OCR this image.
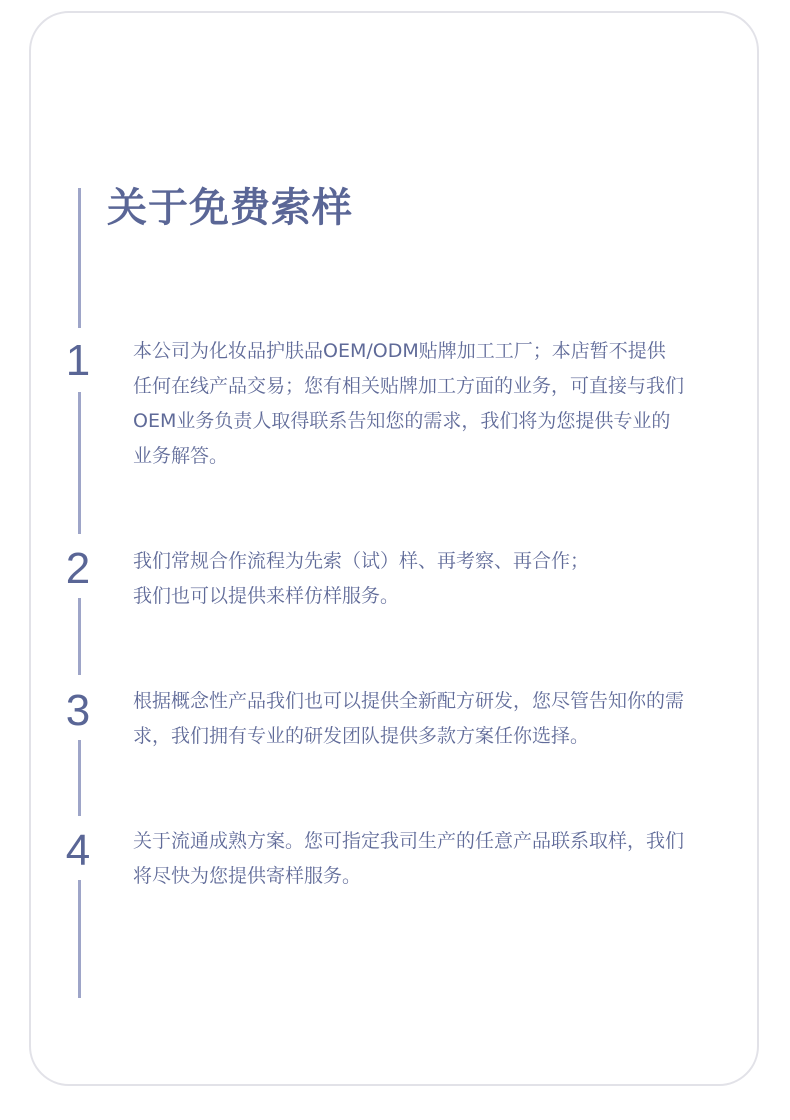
关于免费索样
1
2
3
4
本公司为化妆品护肤品OEM/ODM贴牌加工工厂；本店暂不提供
任何在线产品交易；您有相关贴牌加工方面的业务，可直接与我们
OEM业务负责人取得联系告知您的需求，我们将为您提供专业的
业务解答。
我们常规合作流程为先索（试）样、再考察、再合作；
我们也可以提供来样仿样服务。
根据概念性产品我们也可以提供全新配方研发，您尽管告知你的需
求，我们拥有专业的研发团队提供多款方案任你选择。
关于流通成熟方案。您可指定我司生产的任意产品联系取样，我们
将尽快为您提供寄样服务。
